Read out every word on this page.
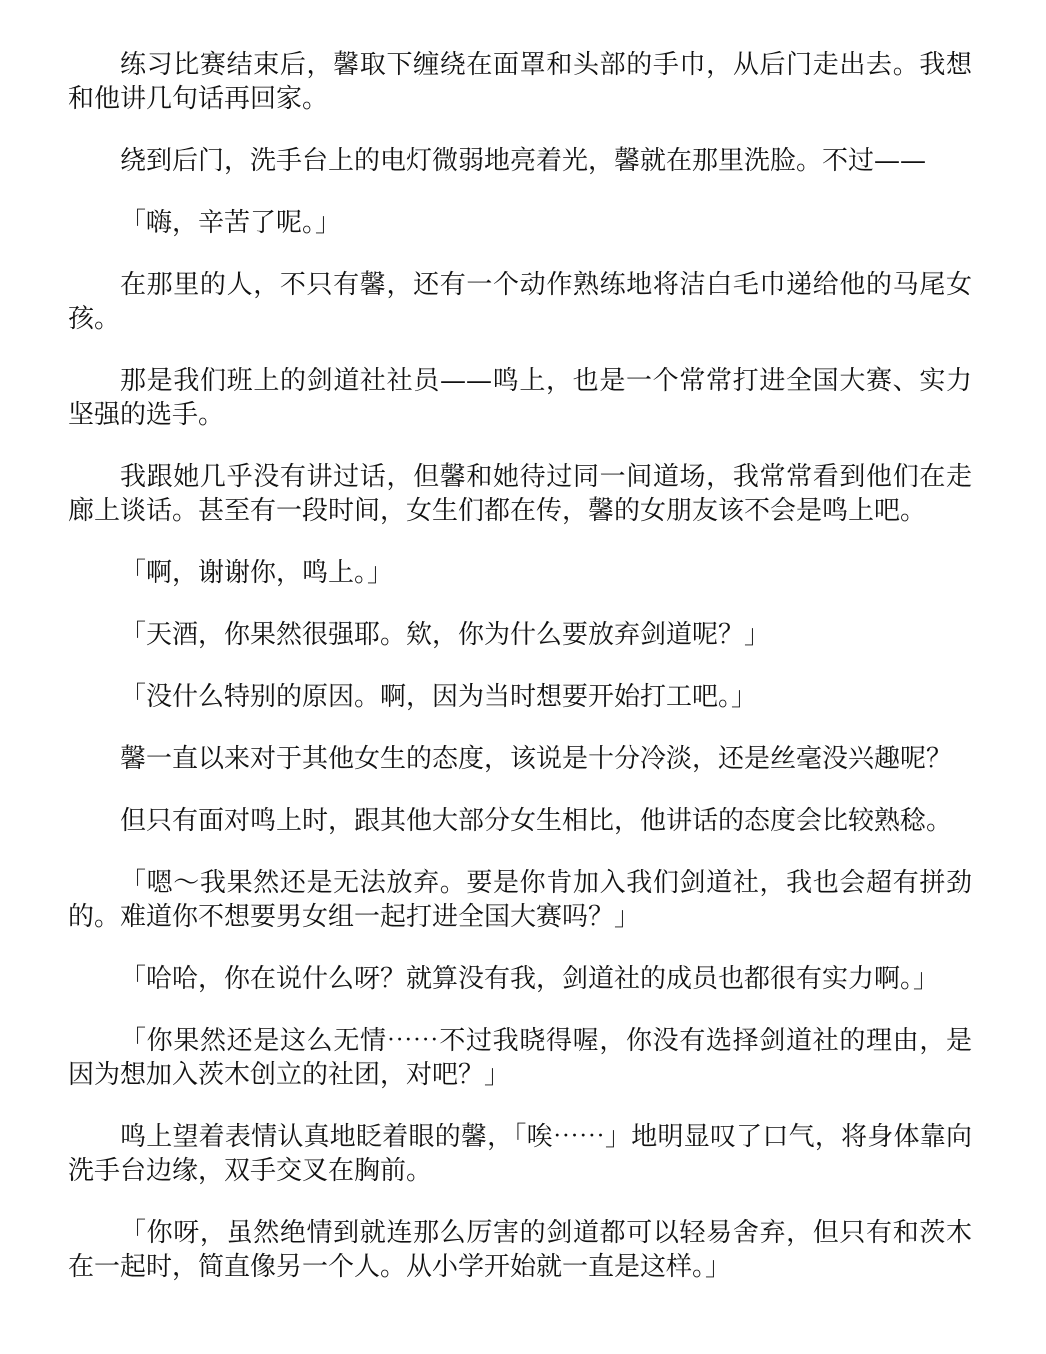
练习比赛结束后，馨取下缠绕在面罩和头部的手巾，从后门走出去。我想和他讲几句话再回家。

绕到后门，洗手台上的电灯微弱地亮着光，馨就在那里洗脸。不过——

「嗨，辛苦了呢。」

在那里的人，不只有馨，还有一个动作熟练地将洁白毛巾递给他的马尾女孩。

那是我们班上的剑道社社员——鸣上，也是一个常常打进全国大赛、实力坚强的选手。

我跟她几乎没有讲过话，但馨和她待过同一间道场，我常常看到他们在走廊上谈话。甚至有一段时间，女生们都在传，馨的女朋友该不会是鸣上吧。

「啊，谢谢你，鸣上。」

「天酒，你果然很强耶。欸，你为什么要放弃剑道呢？」

「没什么特别的原因。啊，因为当时想要开始打工吧。」

馨一直以来对于其他女生的态度，该说是十分冷淡，还是丝毫没兴趣呢？

但只有面对鸣上时，跟其他大部分女生相比，他讲话的态度会比较熟稔。

「嗯～我果然还是无法放弃。要是你肯加入我们剑道社，我也会超有拼劲的。难道你不想要男女组一起打进全国大赛吗？」

「哈哈，你在说什么呀？就算没有我，剑道社的成员也都很有实力啊。」

「你果然还是这么无情⋯⋯不过我晓得喔，你没有选择剑道社的理由，是因为想加入茨木创立的社团，对吧？」

鸣上望着表情认真地眨着眼的馨，「唉⋯⋯」地明显叹了口气，将身体靠向洗手台边缘，双手交叉在胸前。

「你呀，虽然绝情到就连那么厉害的剑道都可以轻易舍弃，但只有和茨木在一起时，简直像另一个人。从小学开始就一直是这样。」
